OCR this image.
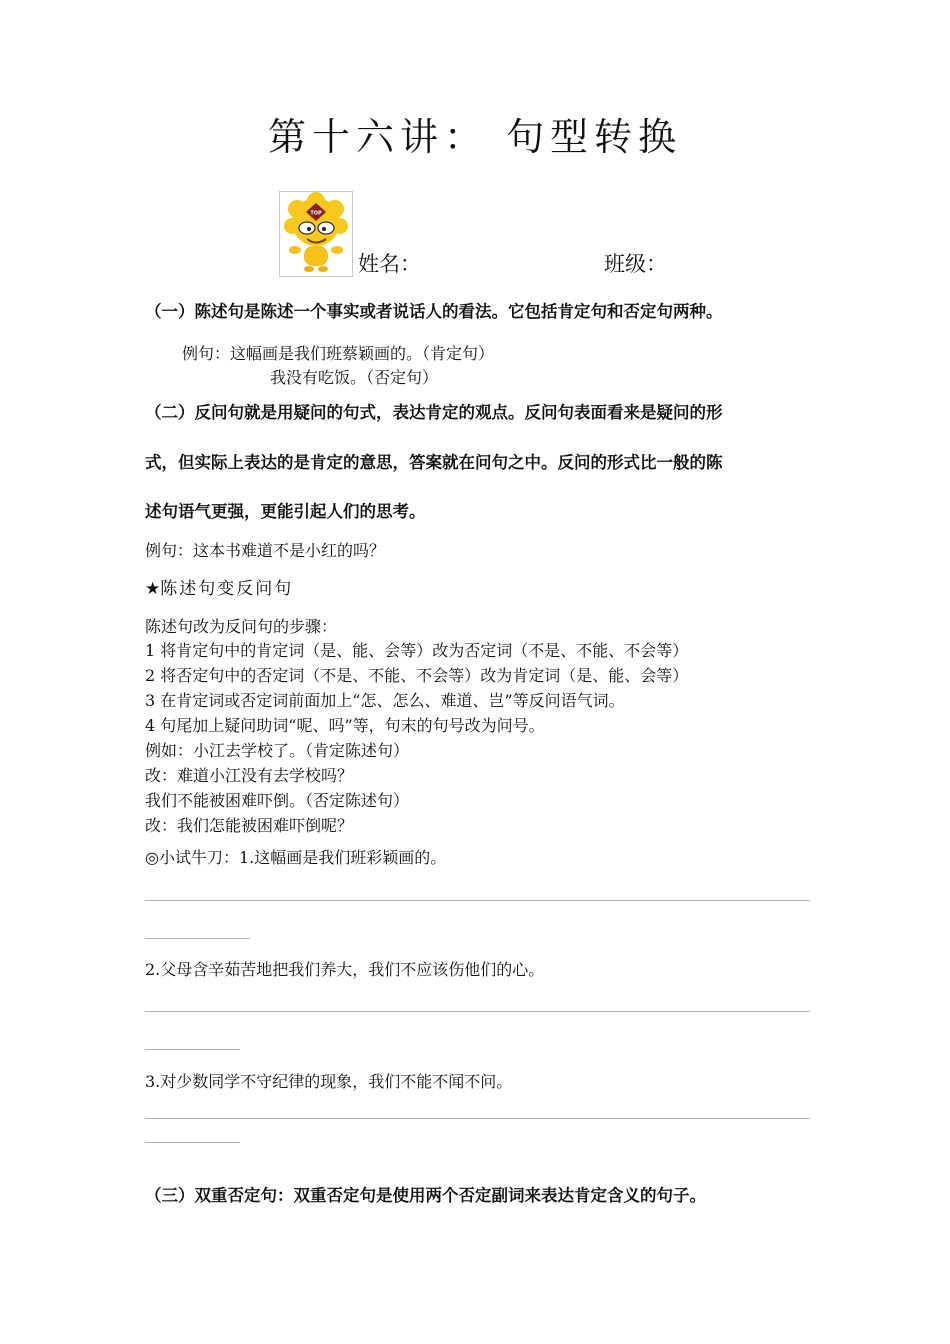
第十六讲： 句型转换
TOP
姓名：	班级：
（一）陈述句是陈述一个事实或者说话人的看法。它包括肯定句和否定句两种。
例句：这幅画是我们班蔡颖画的。（肯定句）
我没有吃饭。（否定句）
（二）反问句就是用疑问的句式，表达肯定的观点。反问句表面看来是疑问的形
式，但实际上表达的是肯定的意思，答案就在问句之中。反问的形式比一般的陈
述句语气更强，更能引起人们的思考。
例句：这本书难道不是小红的吗？
★陈述句变反问句
陈述句改为反问句的步骤：
1 将肯定句中的肯定词（是、能、会等）改为否定词（不是、不能、不会等）
2 将否定句中的否定词（不是、不能、不会等）改为肯定词（是、能、会等）
3 在肯定词或否定词前面加上“怎、怎么、难道、岂”等反问语气词。
4 句尾加上疑问助词“呢、吗”等，句末的句号改为问号。
例如：小江去学校了。（肯定陈述句）
改：难道小江没有去学校吗？
我们不能被困难吓倒。（否定陈述句）
改：我们怎能被困难吓倒呢？
◎小试牛刀：1.这幅画是我们班彩颖画的。
2.父母含辛茹苦地把我们养大，我们不应该伤他们的心。
3.对少数同学不守纪律的现象，我们不能不闻不问。
（三）双重否定句：双重否定句是使用两个否定副词来表达肯定含义的句子。
